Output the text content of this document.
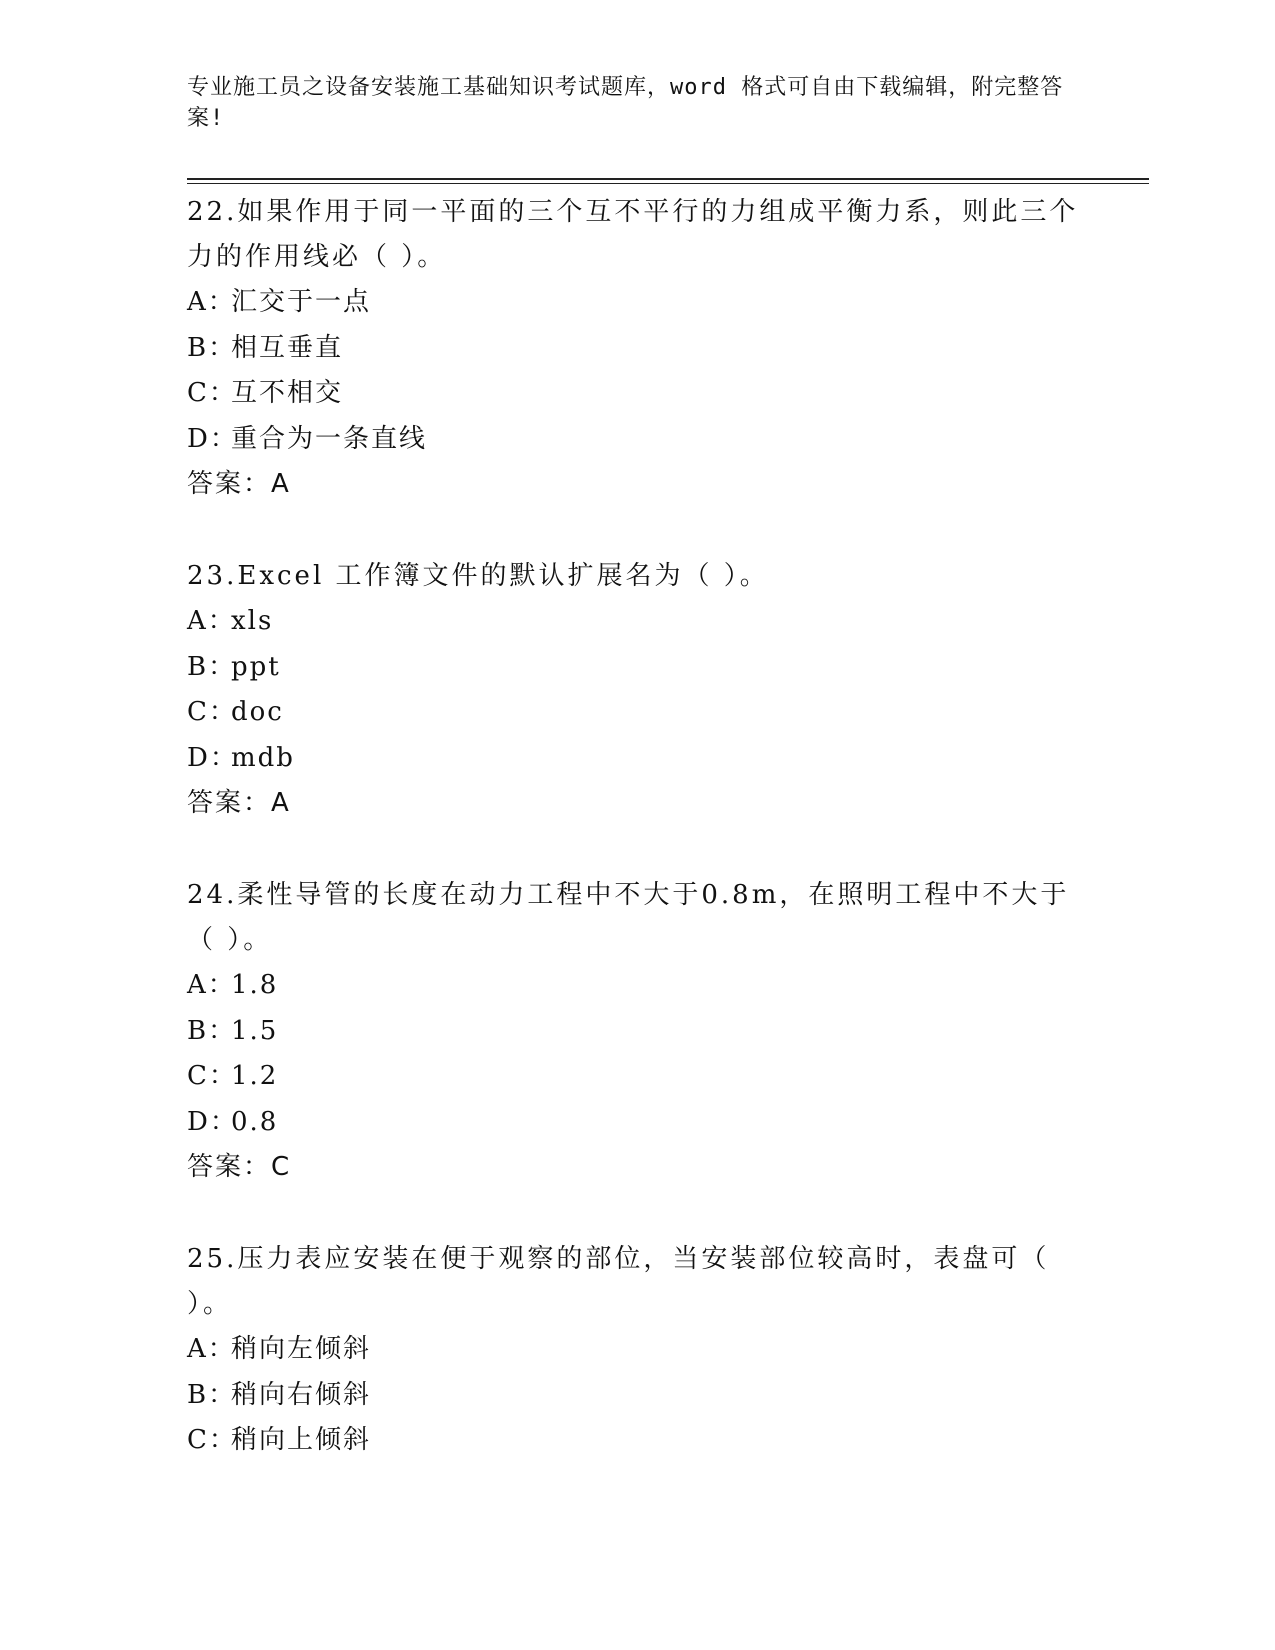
专业施工员之设备安装施工基础知识考试题库，word 格式可自由下载编辑，附完整答案!

22.如果作用于同一平面的三个互不平行的力组成平衡力系，则此三个力的作用线必（ ）。

A：汇交于一点

B：相互垂直

C：互不相交

D：重合为一条直线

答案：A

23.Excel 工作簿文件的默认扩展名为（ ）。

A：xls

B：ppt

C：doc

D：mdb

答案：A

24.柔性导管的长度在动力工程中不大于0.8m，在照明工程中不大于（ ）。

A：1.8

B：1.5

C：1.2

D：0.8

答案：C

25.压力表应安装在便于观察的部位，当安装部位较高时，表盘可（ ）。

A：稍向左倾斜

B：稍向右倾斜

C：稍向上倾斜
